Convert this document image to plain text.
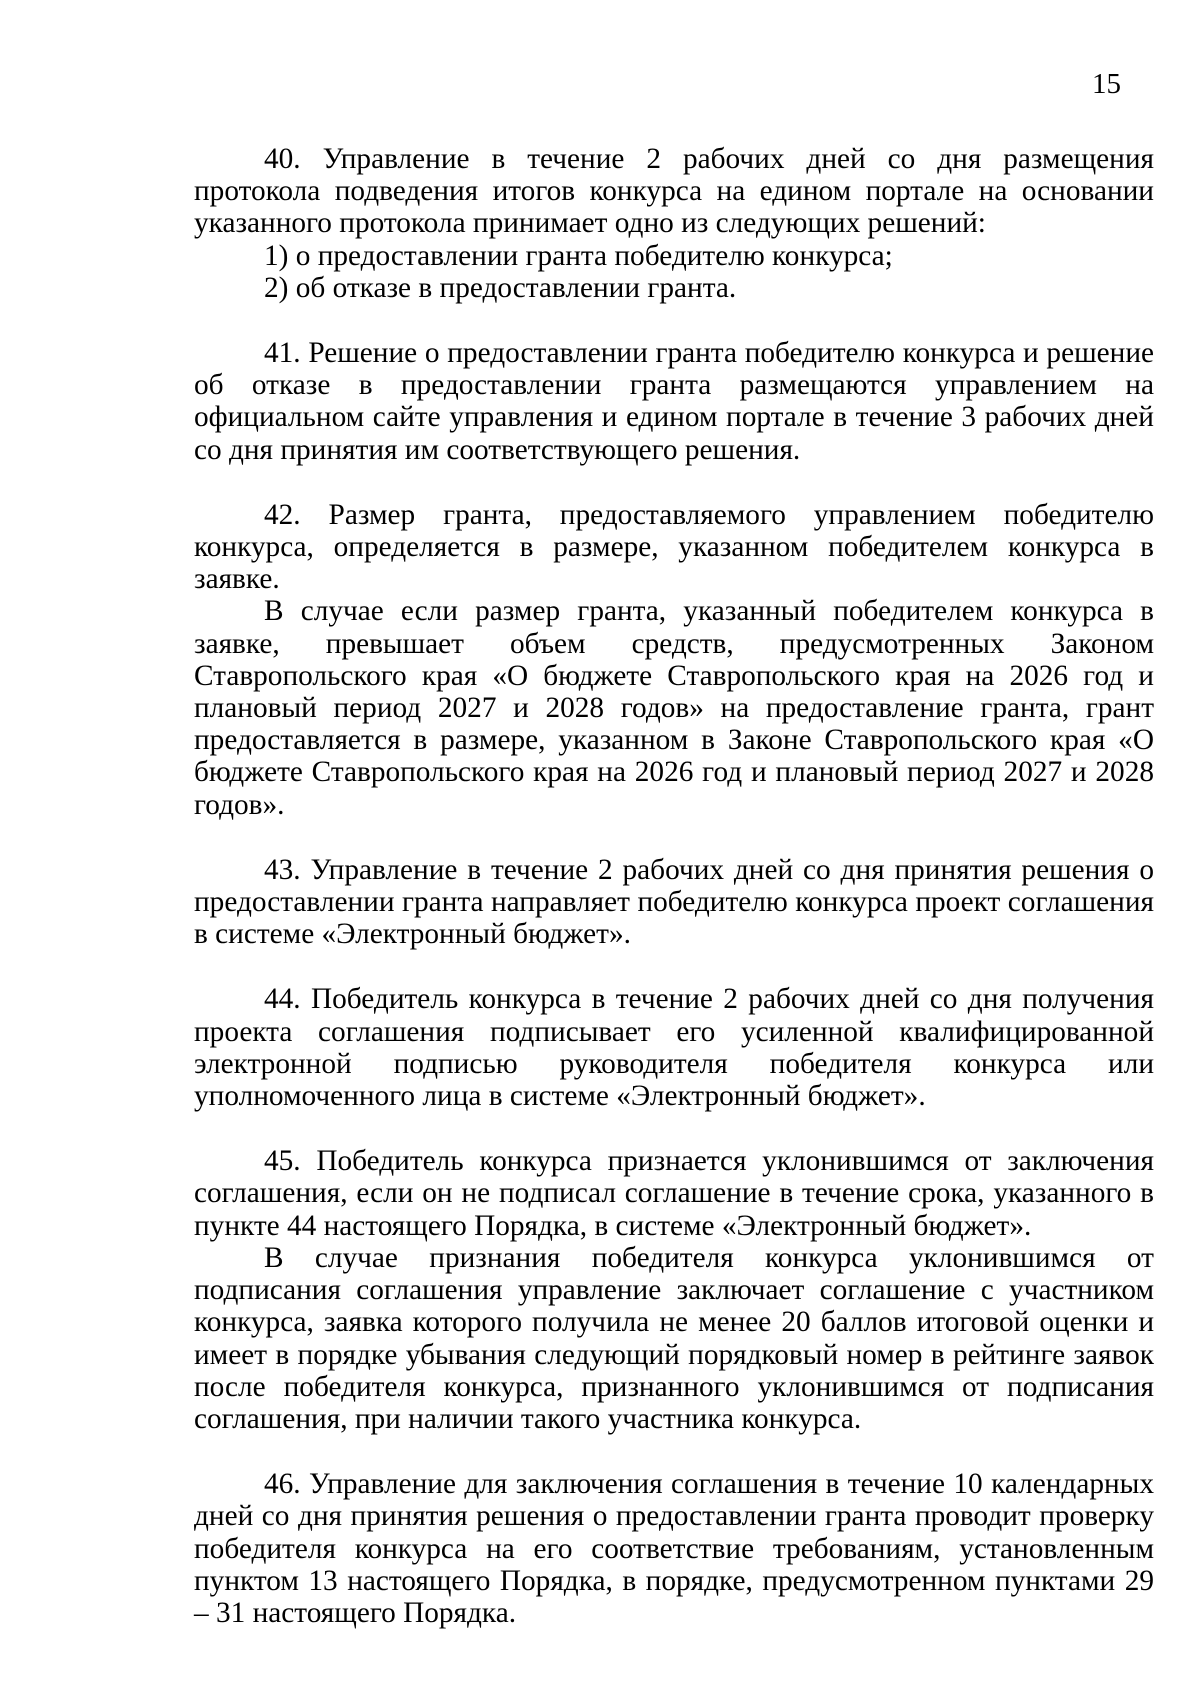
15

40. Управление в течение 2 рабочих дней со дня размещения протокола подведения итогов конкурса на едином портале на основании указанного протокола принимает одно из следующих решений:

1) о предоставлении гранта победителю конкурса;

2) об отказе в предоставлении гранта.

41. Решение о предоставлении гранта победителю конкурса и решение об отказе в предоставлении гранта размещаются управлением на официальном сайте управления и едином портале в течение 3 рабочих дней со дня принятия им соответствующего решения.

42. Размер гранта, предоставляемого управлением победителю конкурса, определяется в размере, указанном победителем конкурса в заявке.

В случае если размер гранта, указанный победителем конкурса в заявке, превышает объем средств, предусмотренных Законом Ставропольского края «О бюджете Ставропольского края на 2026 год и плановый период 2027 и 2028 годов» на предоставление гранта, грант предоставляется в размере, указанном в Законе Ставропольского края «О бюджете Ставропольского края на 2026 год и плановый период 2027 и 2028 годов».

43. Управление в течение 2 рабочих дней со дня принятия решения о предоставлении гранта направляет победителю конкурса проект соглашения в системе «Электронный бюджет».

44. Победитель конкурса в течение 2 рабочих дней со дня получения проекта соглашения подписывает его усиленной квалифицированной электронной подписью руководителя победителя конкурса или уполномоченного лица в системе «Электронный бюджет».

45. Победитель конкурса признается уклонившимся от заключения соглашения, если он не подписал соглашение в течение срока, указанного в пункте 44 настоящего Порядка, в системе «Электронный бюджет».

В случае признания победителя конкурса уклонившимся от подписания соглашения управление заключает соглашение с участником конкурса, заявка которого получила не менее 20 баллов итоговой оценки и имеет в порядке убывания следующий порядковый номер в рейтинге заявок после победителя конкурса, признанного уклонившимся от подписания соглашения, при наличии такого участника конкурса.

46. Управление для заключения соглашения в течение 10 календарных дней со дня принятия решения о предоставлении гранта проводит проверку победителя конкурса на его соответствие требованиям, установленным пунктом 13 настоящего Порядка, в порядке, предусмотренном пунктами 29 – 31 настоящего Порядка.
